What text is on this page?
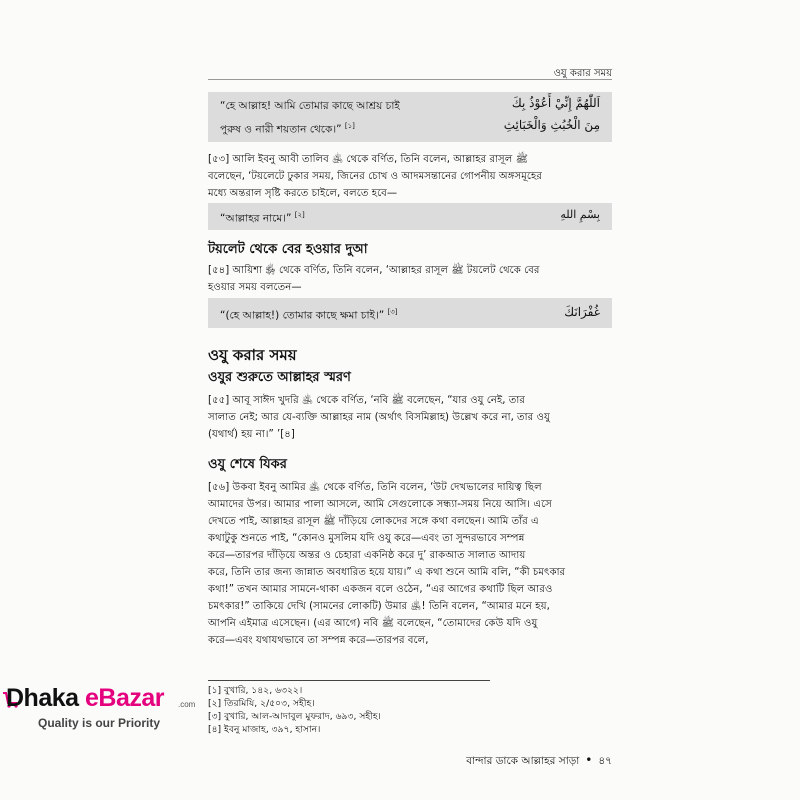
ওযু করার সময়
“হে আল্লাহ! আমি তোমার কাছে আশ্রয় চাই
পুরুষ ও নারী শয়তান থেকে।” [১]
اَللّٰهُمَّ إِنِّيْ أَعُوْذُ بِكَ
مِنَ الْخُبُثِ وَالْخَبَائِثِ
[৫৩] আলি ইবনু আবী তালিব ﵁ থেকে বর্ণিত, তিনি বলেন, আল্লাহর রাসূল ﷺ
বলেছেন, ‘টয়লেটে ঢুকার সময়, জিনের চোখ ও আদমসন্তানের গোপনীয় অঙ্গসমূহের
মধ্যে অন্তরাল সৃষ্টি করতে চাইলে, বলতে হবে—
“আল্লাহর নামে।” [২]	بِسْمِ اللهِ
টয়লেট থেকে বের হওয়ার দুআ
[৫৪] আয়িশা ﵂ থেকে বর্ণিত, তিনি বলেন, ‘আল্লাহর রাসূল ﷺ টয়লেট থেকে বের
হওয়ার সময় বলতেন—
“(হে আল্লাহ!) তোমার কাছে ক্ষমা চাই।” [৩]	غُفْرَانَكَ
ওযু করার সময়
ওযুর শুরুতে আল্লাহর স্মরণ
[৫৫] আবূ সাঈদ খুদরি ﵁ থেকে বর্ণিত, ‘নবি ﷺ বলেছেন, “যার ওযু নেই, তার
সালাত নেই; আর যে-ব্যক্তি আল্লাহর নাম (অর্থাৎ বিসমিল্লাহ) উল্লেখ করে না, তার ওযু
(যথার্থ) হয় না।” ’[৪]
ওযু শেষে যিকর
[৫৬] উকবা ইবনু আমির ﵁ থেকে বর্ণিত, তিনি বলেন, ‘উট দেখভালের দায়িত্ব ছিল
আমাদের উপর। আমার পালা আসলে, আমি সেগুলোকে সন্ধ্যা-সময় নিয়ে আসি। এসে
দেখতে পাই, আল্লাহর রাসূল ﷺ দাঁড়িয়ে লোকদের সঙ্গে কথা বলছেন। আমি তাঁর এ
কথাটুকু শুনতে পাই, “কোনও মুসলিম যদি ওযু করে—এবং তা সুন্দরভাবে সম্পন্ন
করে—তারপর দাঁড়িয়ে অন্তর ও চেহারা একনিষ্ঠ করে দু’ রাকআত সালাত আদায়
করে, তিনি তার জন্য জান্নাত অবধারিত হয়ে যায়।” এ কথা শুনে আমি বলি, “কী চমৎকার
কথা!” তখন আমার সামনে-থাকা একজন বলে ওঠেন, “এর আগের কথাটি ছিল আরও
চমৎকার!” তাকিয়ে দেখি (সামনের লোকটি) উমার ﵁! তিনি বলেন, “আমার মনে হয়,
আপনি এইমাত্র এসেছেন। (এর আগে) নবি ﷺ বলেছেন, “তোমাদের কেউ যদি ওযু
করে—এবং যথাযথভাবে তা সম্পন্ন করে—তারপর বলে,
[১] বুখারি, ১৪২, ৬৩২২।
[২] তিরমিযি, ২/৫০৩, সহীহ।
[৩] বুখারি, আল-আদাবুল মুফরাদ, ৬৯৩, সহীহ।
[৪] ইবনু মাজাহ, ৩৯৭, হাসান।
বান্দার ডাকে আল্লাহর সাড়া • ৪৭
Dhaka eBazar .com
Quality is our Priority
